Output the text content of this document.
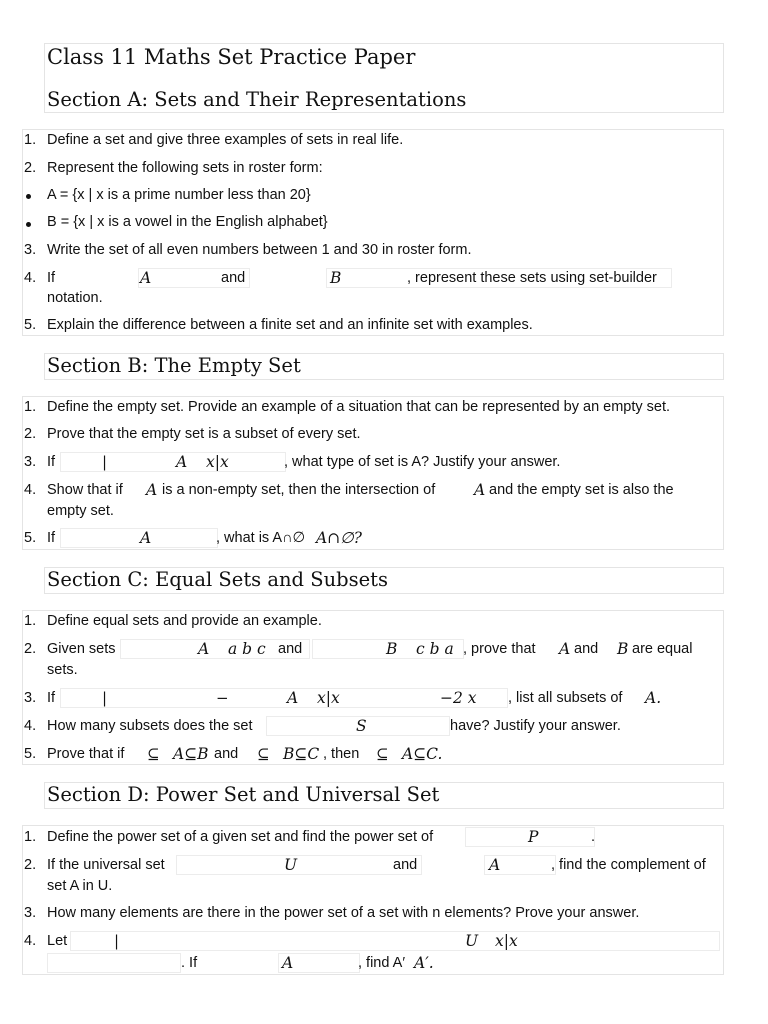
Class 11 Maths Set Practice Paper
Section A: Sets and Their Representations
1. Define a set and give three examples of sets in real life.
2. Represent the following sets in roster form:
A = {x | x is a prime number less than 20}
B = {x | x is a vowel in the English alphabet}
3. Write the set of all even numbers between 1 and 30 in roster form.
4. If	A	and	B	, represent these sets using set-builder
notation.
5. Explain the difference between a finite set and an infinite set with examples.
Section B: The Empty Set
1. Define the empty set. Provide an example of a situation that can be represented by an empty set.
2. Prove that the empty set is a subset of every set.
3. If	|	A x|x	, what type of set is A? Justify your answer.
4. Show that if A is a non-empty set, then the intersection of	A and the empty set is also the
empty set.
5. If	A	, what is A∩∅ A∩∅?
Section C: Equal Sets and Subsets
1. Define equal sets and provide an example.
2. Given sets	A a b c and	B c b a , prove that A and B are equal
sets.
3. If	|	−	A x|x	−2 x , list all subsets of A.
4. How many subsets does the set	S	have? Justify your answer.
5. Prove that if ⊆ A⊆B and ⊆ B⊆C , then ⊆ A⊆C.
Section D: Power Set and Universal Set
1. Define the power set of a given set and find the power set of	P	.
2. If the universal set	U	and	A	, find the complement of
set A in U.
3. How many elements are there in the power set of a set with n elements? Prove your answer.
4. Let	|	U x|x
. If	A	, find A′ A′.
